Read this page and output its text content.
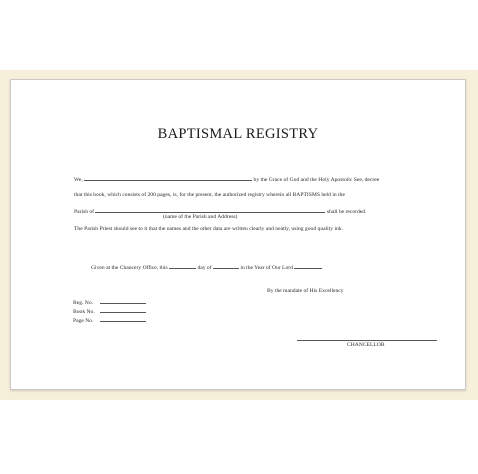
BAPTISMAL REGISTRY
We,	by the Grace of God and the Holy Apostolic See, decree
that this book, which consists of 200 pages, is, for the present, the authorized registry wherein all BAPTISMS held in the
Parish of	shall be recorded.
(name of the Parish and Address)
The Parish Priest should see to it that the names and the other data are written clearly and neatly, using good quality ink.
Given at the Chancery Office, this	day of	in the Year of Our Lord
By the mandate of His Excellency
Reg. No.
Book No.
Page No.
CHANCELLOR
